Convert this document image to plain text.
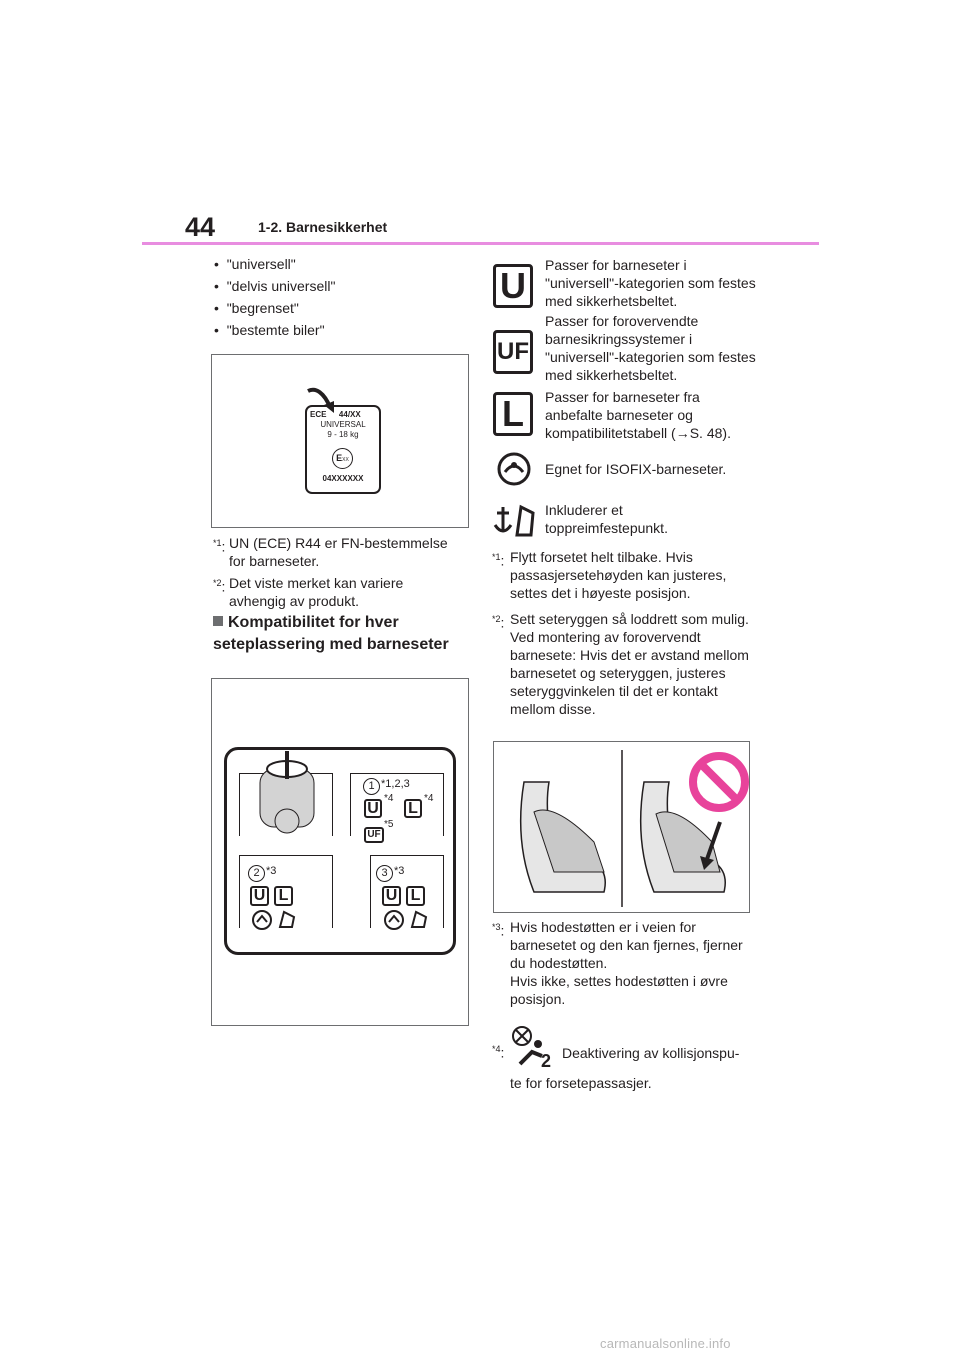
44	1-2. Barnesikkerhet
•  "universell"
•  "delvis universell"
•  "begrenset"
•  "bestemte biler"
ECE 44/XX
UNIVERSAL
9 - 18 kg
EXX
04XXXXXX
$^{*1}$: UN (ECE) R44 er FN-bestemmelse for barneseter.
$^{*2}$: Det viste merket kan variere avhengig av produkt.
Kompatibilitet for hver seteplassering med barneseter
1 *1,2,3
U
*4
L
*4
*5
UF
2 *3
U L
3 *3
U L
U
UF
L
Passer for barneseter i "universell"-kategorien som festes med sikkerhetsbeltet.
Passer for forovervendte barnesikringssystemer i "universell"-kategorien som festes med sikkerhetsbeltet.
Passer for barneseter fra anbefalte barneseter og kompatibilitetstabell (→S. 48).
Egnet for ISOFIX-barneseter.
Inkluderer et toppreimfestepunkt.
$^{*1}$: Flytt forsetet helt tilbake. Hvis passasjersetehøyden kan justeres, settes det i høyeste posisjon.
$^{*2}$: Sett seteryggen så loddrett som mulig. Ved montering av forovervendt barnesete: Hvis det er avstand mellom barnesetet og seteryggen, justeres seteryggvinkelen til det er kontakt mellom disse.
$^{*3}$: Hvis hodestøtten er i veien for barnesetet og den kan fjernes, fjerner du hodestøtten.
Hvis ikke, settes hodestøtten i øvre posisjon.
$^{*4}$: 2 Deaktivering av kollisjonspu-
te for forsetepassasjer.
carmanualsonline.info
